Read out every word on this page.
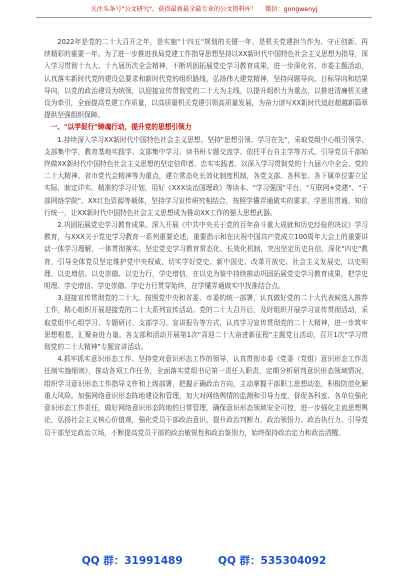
关注头条号"公文研究"，获得最新最全最专业的公文资料库！ 微信：gongwenyj

2022年是党的二十大召开之年，是实施"十四五"规划的关键一年，是机关党建担当作为、守正创新、再续精彩的重要一年。为了进一步推进我局党建工作指导思想坚持以XX新时代中国特色社会主义思想为指导，深入学习贯彻十九大、十九届历次全会精神，不断巩固拓展党史学习教育成果，进一步深化省、市委主题活动，认真落实新时代党的建设总要求和新时代党的组织路线，弘扬伟大建党精神，坚持问题导向、目标导向和结果导向，以党的政治建设为统领，以迎接宣传贯彻党的二十大为主线，以提升组织力为重点，以推进清廉机关建设为牵引，全面提高党建工作质量，以高质量机关党建引领高质量发展，为奋力谱写XX新时代追赶超越新篇章提供坚强组织保障。

一、"以学促行"铸魂行动，提升党的思想引领力

1.持续深入学习XX新时代中国特色社会主义思想。坚持"思想引领、学习在先"，采取党组中心组引领学、支部集中学，教育基地实践学、支部集中学习、读书班专题交流学、依托平台自主学等方式，引导党员干部始终做XX新时代中国特色社会主义思想的坚定信仰者、忠实实践者。以深入学习贯彻党的十九届六中全会、党的二十大精神、省市党代会精神等为重点，建立常态化长效化制度机制，各党支部、各科室、各下属单位要立足实际，制定详实、精准的学习计划，用好《XXX谈治国理政》等读本、"学习强国"平台、"互联网+党建"、"干部网络学院"、XX红色资源等载体，坚持学习宣传研究相结合，按照学懂弄通做实的要求，学思用贯通、知信行统一，让XX新时代中国特色社会主义思想成为推动XX工作的强大思想武器。

2.巩固拓展党史学习教育成果。深入开展《中共中央关于党的百年奋斗重大成就和历史经验的决议》学习教育，与XXX关于党史学习教育一系列重要论述，重要指示和在庆祝中国共产党成立100周年大会上的重要讲话一体学习理解，一体贯彻落实。坚定党史学习教育常态化、长效化机制，突出坚定历史自信，深化"四史"教育，引导全体党员坚定维护党中央权威，切实学好党史、新中国史、改革开放史、社会主义发展史，以史明理、以史增信、以史崇德、以史力行，学史增信，在以史为鉴中持续推动巩固拓展党史学习教育成果，把学史明理、学史增信、学史崇德、学史力行贯穿始终，在学懂弄通做实中找准结合点。

3.迎接宣传贯彻党的二十大。按照党中央和省委、市委的统一部署，认真做好党的二十大代表候选人推荐工作，精心组织开展迎接党的二十大系列宣传活动。党的二十大召开后，及时组织开展学习宣传贯彻活动，采取党组中心组学习、专题研讨、支部学习、宣讲报告等方式，认真学习宣传贯彻党的二十大精神，进一步筑牢思想根基，汇聚奋进力量。各支部和活动开展第1次"喜迎二十大奋进新征程"主题党日活动，召开1次"学习贯彻党的二十大精神"专题宣讲活动。

4.抓牢抓实意识形态工作。坚持党对意识形态工作的领导，认真贯彻市委《党委（党组）意识形态工作责任制实施细则》，推动各项工作任务，全面落实党组书记第一责任人职责，定期分析研判意识形态领域情况，组织学习意识形态工作指导文件和上级部署，把握正确政治方向，主动掌握干部职工思想动态，积极防范化解重大风险。加强网络意识形态阵地建设和管理，加大对网络舆情的监测和引导力度，督促各科室、各单位强化意识形态工作责任，做好网络意识形态阵地的日常管理，确保意识形态领域安全可控，进一步强化主流思想舆论，弘扬社会主义核心价值观，强化党员干部政治意识，提升政治判断力、政治领悟力、政治执行力，引导党员干部坚定政治立场，不断提高党员干部的政治敏锐性和政治鉴别力，始终保持政治定力和政治清醒。

QQ 群：31991489	QQ 群：535304092
